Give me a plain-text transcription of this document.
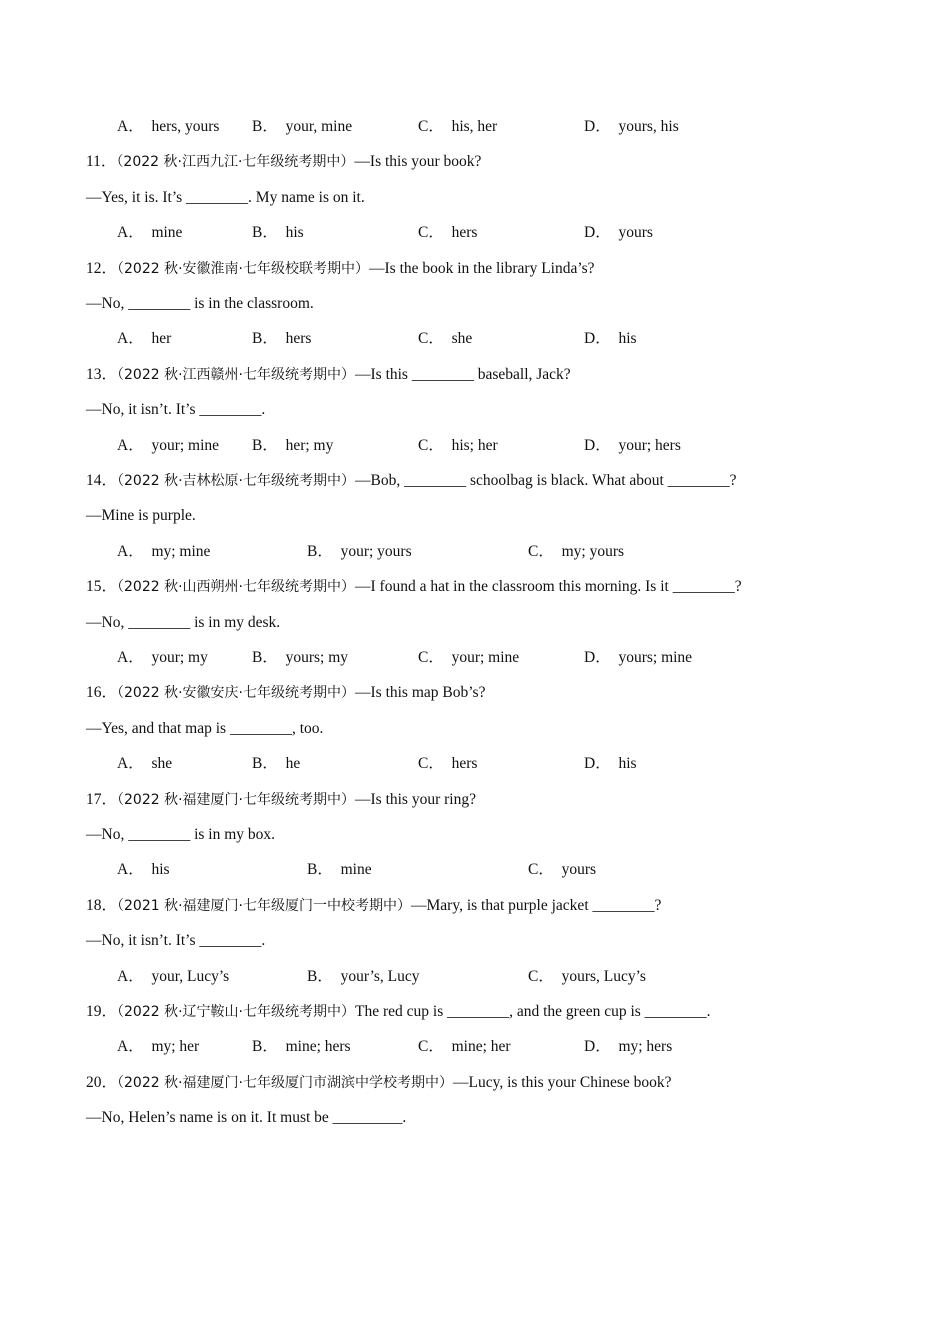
A．  hers, yours B．  your, mine	C．  his, her	D．  yours, his
11．（2022 秋·江西九江·七年级统考期中）—Is this your book?
—Yes, it is. It’s ________. My name is on it.
A．  mine	B．  his	C．  hers	D．  yours
12．（2022 秋·安徽淮南·七年级校联考期中）—Is the book in the library Linda’s?
—No, ________ is in the classroom.
A．  her	B．  hers	C．  she	D．  his
13．（2022 秋·江西赣州·七年级统考期中）—Is this ________ baseball, Jack?
—No, it isn’t. It’s ________.
A．  your; mine B．  her; my	C．  his; her	D．  your; hers
14．（2022 秋·吉林松原·七年级统考期中）—Bob, ________ schoolbag is black. What about ________?
—Mine is purple.
A．  my; mine	B．  your; yours	C．  my; yours
15．（2022 秋·山西朔州·七年级统考期中）—I found a hat in the classroom this morning. Is it ________?
—No, ________ is in my desk.
A．  your; my	B．  yours; my	C．  your; mine	D．  yours; mine
16．（2022 秋·安徽安庆·七年级统考期中）—Is this map Bob’s?
—Yes, and that map is ________, too.
A．  she	B．  he	C．  hers	D．  his
17．（2022 秋·福建厦门·七年级统考期中）—Is this your ring?
—No, ________ is in my box.
A．  his	B．  mine	C．  yours
18．（2021 秋·福建厦门·七年级厦门一中校考期中）—Mary, is that purple jacket ________?
—No, it isn’t. It’s ________.
A．  your, Lucy’s	B．  your’s, Lucy	C．  yours, Lucy’s
19．（2022 秋·辽宁鞍山·七年级统考期中）The red cup is ________, and the green cup is ________.
A．  my; her	B．  mine; hers	C．  mine; her	D．  my; hers
20．（2022 秋·福建厦门·七年级厦门市湖滨中学校考期中）—Lucy, is this your Chinese book?
—No, Helen’s name is on it. It must be _________.
